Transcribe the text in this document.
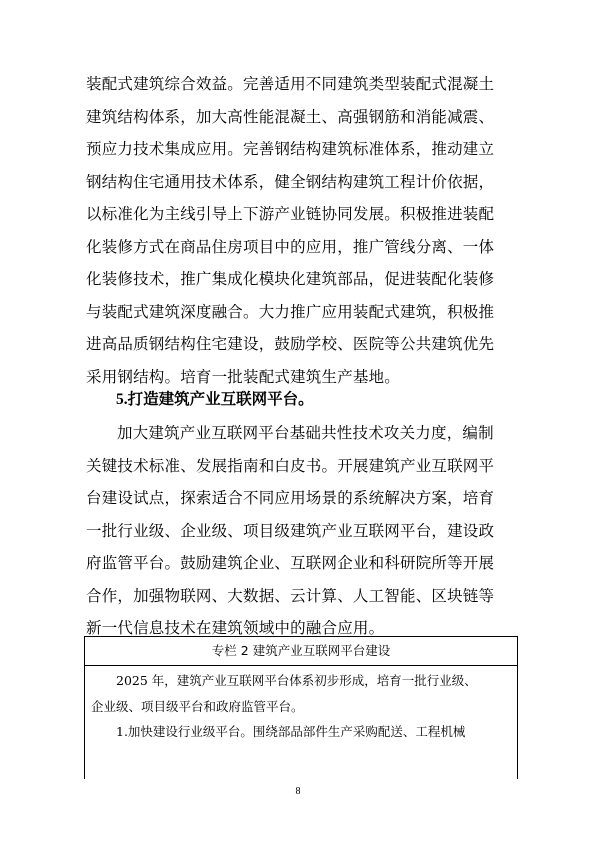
装配式建筑综合效益。完善适用不同建筑类型装配式混凝土

建筑结构体系，加大高性能混凝土、高强钢筋和消能减震、

预应力技术集成应用。完善钢结构建筑标准体系，推动建立

钢结构住宅通用技术体系，健全钢结构建筑工程计价依据，

以标准化为主线引导上下游产业链协同发展。积极推进装配

化装修方式在商品住房项目中的应用，推广管线分离、一体

化装修技术，推广集成化模块化建筑部品，促进装配化装修

与装配式建筑深度融合。大力推广应用装配式建筑，积极推

进高品质钢结构住宅建设，鼓励学校、医院等公共建筑优先

采用钢结构。培育一批装配式建筑生产基地。

5.打造建筑产业互联网平台。

加大建筑产业互联网平台基础共性技术攻关力度，编制

关键技术标准、发展指南和白皮书。开展建筑产业互联网平

台建设试点，探索适合不同应用场景的系统解决方案，培育

一批行业级、企业级、项目级建筑产业互联网平台，建设政

府监管平台。鼓励建筑企业、互联网企业和科研院所等开展

合作，加强物联网、大数据、云计算、人工智能、区块链等

新一代信息技术在建筑领域中的融合应用。

专栏 2 建筑产业互联网平台建设

2025 年，建筑产业互联网平台体系初步形成，培育一批行业级、

企业级、项目级平台和政府监管平台。

1.加快建设行业级平台。围绕部品部件生产采购配送、工程机械

8
